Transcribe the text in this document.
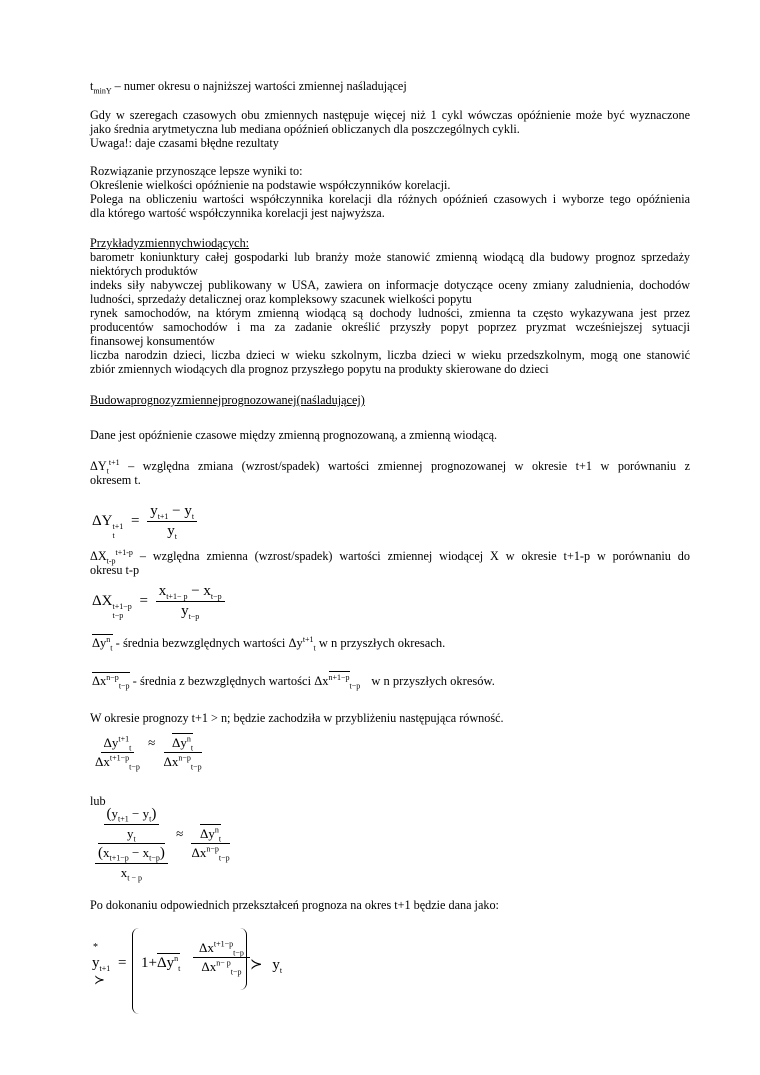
$t_{minY}$ – numer okresu o najniższej wartości zmiennej naśladującej
Gdy w szeregach czasowych obu zmiennych następuje więcej niż 1 cykl wówczas opóźnienie może być wyznaczone
jako średnia arytmetyczna lub mediana opóźnień obliczanych dla poszczególnych cykli.
Uwaga!: daje czasami błędne rezultaty
Rozwiązanie przynoszące lepsze wyniki to:
Określenie wielkości opóźnienie na podstawie współczynników korelacji.
Polega na obliczeniu wartości współczynnika korelacji dla różnych opóźnień czasowych i wyborze tego opóźnienia
dla którego wartość współczynnika korelacji jest najwyższa.
Przykładyzmiennychwiodących:
barometr koniunktury całej gospodarki lub branży może stanowić zmienną wiodącą dla budowy prognoz sprzedaży
niektórych produktów
indeks siły nabywczej publikowany w USA, zawiera on informacje dotyczące oceny zmiany zaludnienia, dochodów
ludności, sprzedaży detalicznej oraz kompleksowy szacunek wielkości popytu
rynek samochodów, na którym zmienną wiodącą są dochody ludności, zmienna ta często wykazywana jest przez
producentów samochodów i ma za zadanie określić przyszły popyt poprzez pryzmat wcześniejszej sytuacji
finansowej konsumentów
liczba narodzin dzieci, liczba dzieci w wieku szkolnym, liczba dzieci w wieku przedszkolnym, mogą one stanowić
zbiór zmiennych wiodących dla prognoz przyszłego popytu na produkty skierowane do dzieci
Budowaprognozyzmiennejprognozowanej(naśladującej)
Dane jest opóźnienie czasowe między zmienną prognozowaną, a zmienną wiodącą.
$\Delta Y_t^{t+1}$ – względna zmiana (wzrost/spadek) wartości zmiennej prognozowanej w okresie t+1 w porównaniu z
okresem t.
ΔY t+1
t
= $\frac{y_{t+1} - y_t}{y_t}$
$\Delta X_{t-p}^{t+1-p}$ – względna zmienna (wzrost/spadek) wartości zmiennej wiodącej X w okresie t+1-p w porównaniu do
okresu t-p
ΔX t+1−p
t−p
= $\frac{x_{t+1- p} - x_{t-p}}{y_{t-p}}$
$\Delta y^n_t$ - średnia bezwzględnych wartości $\Delta y^{t+1}_t$ w n przyszłych okresach.
$\Delta x^{n-p}_{t-p}$ - średnia z bezwzględnych wartości $\Delta x^{n+1-p}_{t-p}$ w n przyszłych okresów.
W okresie prognozy t+1 > n; będzie zachodziła w przybliżeniu następująca równość.
$\frac{\Delta y^{t+1}_t}{\Delta x^{t+1-p}_{t-p}} \approx \frac{\Delta y^n_t}{\Delta x^{n-p}_{t-p}}$
lub
$\frac{\frac{(y_{t+1} - y_t)}{y_t}}{\frac{(x_{t+1-p} - x_{t-p})}{x_{t - p}}} \approx \frac{\Delta y^n_t}{\Delta x^{n-p}_{t-p}}$
Po dokonaniu odpowiednich przekształceń prognoza na okres t+1 będzie dana jako:
*
$y_{t+1}$ =
≻
$1+\Delta y^n_t \frac{\Delta x^{t+1-p}_{t-p}}{\Delta x^{n- p}_{t-p}}$ ≻ $y_t$
